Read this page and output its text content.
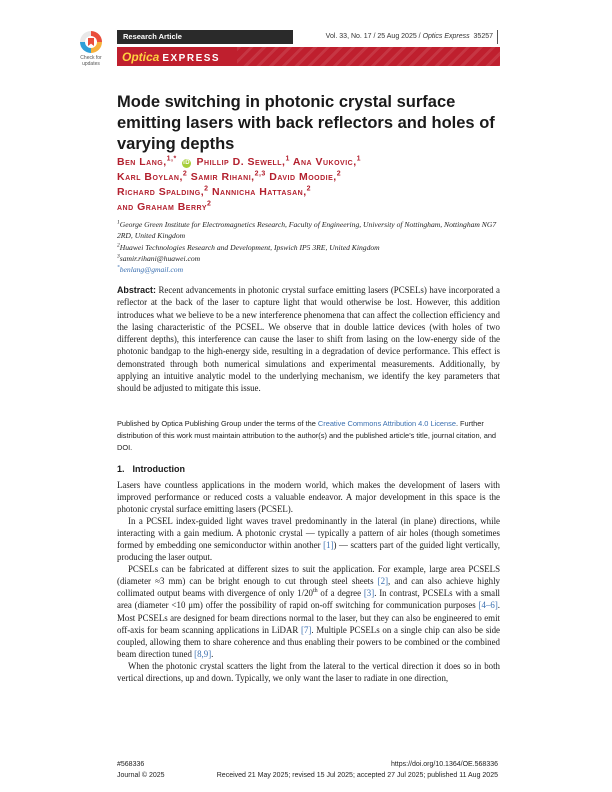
Check for updates
Research Article	Vol. 33, No. 17 / 25 Aug 2025 / Optics Express 35257
Optica EXPRESS
Mode switching in photonic crystal surface emitting lasers with back reflectors and holes of varying depths
Ben Lang,$^{1,*}$ iD Phillip D. Sewell,$^1$ Ana Vukovic,$^1$
Karl Boylan,$^2$ Samir Rihani,$^{2,3}$ David Moodie,$^2$
Richard Spalding,$^2$ Nannicha Hattasan,$^2$
and Graham Berry$^2$
$^1$George Green Institute for Electromagnetics Research, Faculty of Engineering, University of Nottingham, Nottingham NG7 2RD, United Kingdom
$^2$Huawei Technologies Research and Development, Ipswich IP5 3RE, United Kingdom
$^3$samir.rihani@huawei.com
*benlang@gmail.com
Abstract: Recent advancements in photonic crystal surface emitting lasers (PCSELs) have incorporated a reflector at the back of the laser to capture light that would otherwise be lost. However, this addition introduces what we believe to be a new interference phenomena that can affect the collection efficiency and the lasing characteristic of the PCSEL. We observe that in double lattice devices (with holes of two different depths), this interference can cause the laser to shift from lasing on the low-energy side of the photonic bandgap to the high-energy side, resulting in a degradation of device performance. This effect is demonstrated through both numerical simulations and experimental measurements. Additionally, by applying an intuitive analytic model to the underlying mechanism, we identify the key parameters that should be adjusted to mitigate this issue.
Published by Optica Publishing Group under the terms of the Creative Commons Attribution 4.0 License. Further distribution of this work must maintain attribution to the author(s) and the published article’s title, journal citation, and DOI.
1. Introduction

Lasers have countless applications in the modern world, which makes the development of lasers with improved performance or reduced costs a valuable endeavor. A major development in this space is the photonic crystal surface emitting lasers (PCSEL).

In a PCSEL index-guided light waves travel predominantly in the lateral (in plane) directions, while interacting with a gain medium. A photonic crystal — typically a pattern of air holes (though sometimes formed by embedding one semiconductor within another [1]) — scatters part of the guided light vertically, producing the laser output.

PCSELs can be fabricated at different sizes to suit the application. For example, large area PCSELS (diameter ≈3 mm) can be bright enough to cut through steel sheets [2], and can also achieve highly collimated output beams with divergence of only 1/20th of a degree [3]. In contrast, PCSELs with a small area (diameter <10 μm) offer the possibility of rapid on-off switching for communication purposes [4–6]. Most PCSELs are designed for beam directions normal to the laser, but they can also be engineered to emit off-axis for beam scanning applications in LiDAR [7]. Multiple PCSELs on a single chip can also be side coupled, allowing them to share coherence and thus enabling their powers to be combined or the combined beam direction tuned [8,9].

When the photonic crystal scatters the light from the lateral to the vertical direction it does so in both vertical directions, up and down. Typically, we only want the laser to radiate in one direction,

#568336
Journal © 2025
https://doi.org/10.1364/OE.568336
Received 21 May 2025; revised 15 Jul 2025; accepted 27 Jul 2025; published 11 Aug 2025
